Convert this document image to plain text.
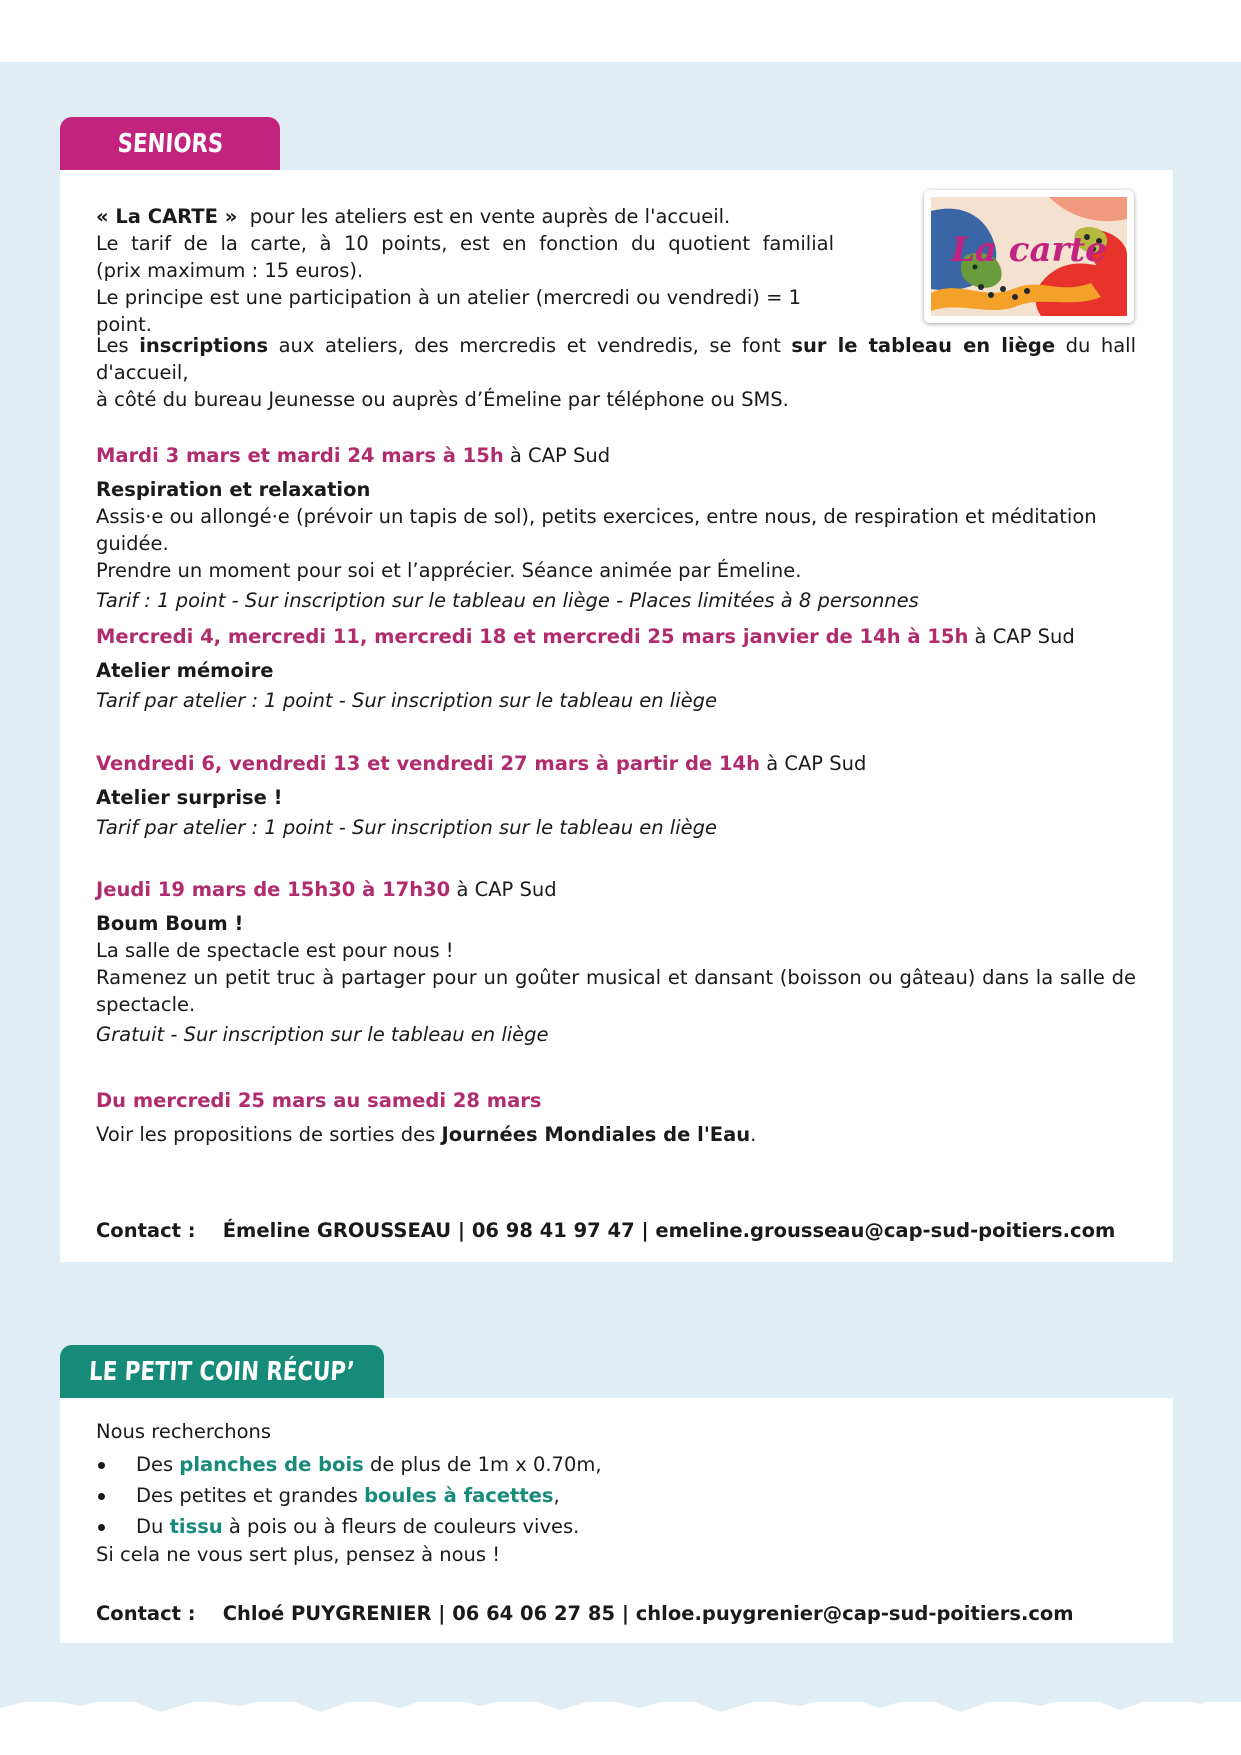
SENIORS
La carte
« La CARTE » pour les ateliers est en vente auprès de l'accueil.
Le tarif de la carte, à 10 points, est en fonction du quotient familial
(prix maximum : 15 euros).
Le principe est une participation à un atelier (mercredi ou vendredi) = 1 point.
Les inscriptions aux ateliers, des mercredis et vendredis, se font sur le tableau en liège du hall d'accueil,
à côté du bureau Jeunesse ou auprès d’Émeline par téléphone ou SMS.
Mardi 3 mars et mardi 24 mars à 15h à CAP Sud
Respiration et relaxation
Assis·e ou allongé·e (prévoir un tapis de sol), petits exercices, entre nous, de respiration et méditation guidée.
Prendre un moment pour soi et l’apprécier. Séance animée par Émeline.
Tarif : 1 point - Sur inscription sur le tableau en liège - Places limitées à 8 personnes
Mercredi 4, mercredi 11, mercredi 18 et mercredi 25 mars janvier de 14h à 15h à CAP Sud
Atelier mémoire
Tarif par atelier : 1 point - Sur inscription sur le tableau en liège
Vendredi 6, vendredi 13 et vendredi 27 mars à partir de 14h à CAP Sud
Atelier surprise !
Tarif par atelier : 1 point - Sur inscription sur le tableau en liège
Jeudi 19 mars de 15h30 à 17h30 à CAP Sud
Boum Boum !
La salle de spectacle est pour nous !
Ramenez un petit truc à partager pour un goûter musical et dansant (boisson ou gâteau) dans la salle de spectacle.
Gratuit - Sur inscription sur le tableau en liège
Du mercredi 25 mars au samedi 28 mars
Voir les propositions de sorties des Journées Mondiales de l'Eau.
Contact : Émeline GROUSSEAU | 06 98 41 97 47 | emeline.grousseau@cap-sud-poitiers.com
LE PETIT COIN RÉCUP’
Nous recherchons
Des planches de bois de plus de 1m x 0.70m,
Des petites et grandes boules à facettes,
Du tissu à pois ou à fleurs de couleurs vives.
Si cela ne vous sert plus, pensez à nous !
Contact : Chloé PUYGRENIER | 06 64 06 27 85 | chloe.puygrenier@cap-sud-poitiers.com
